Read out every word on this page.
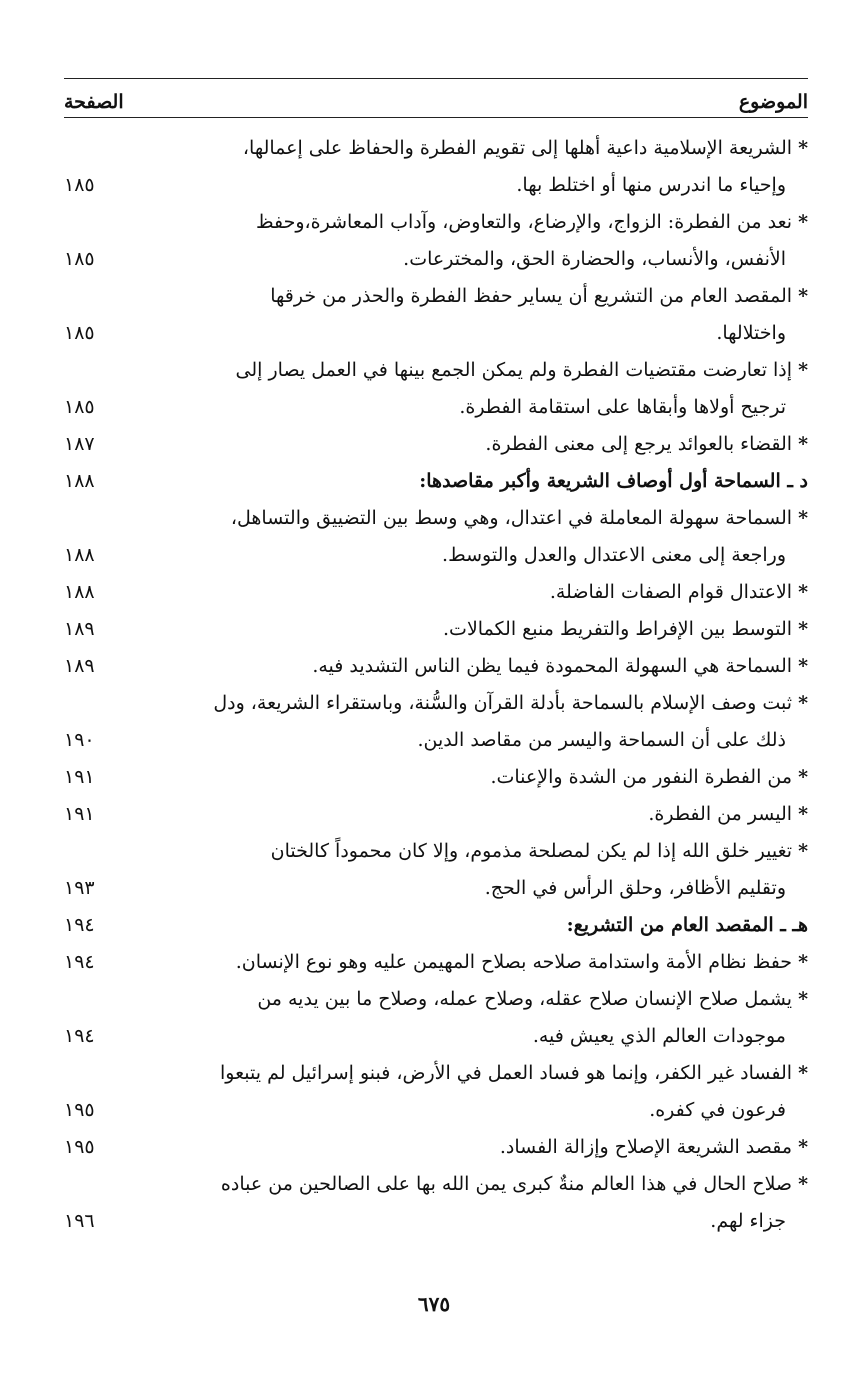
الموضوع
الصفحة
*الشريعة الإسلامية داعية أهلها إلى تقويم الفطرة والحفاظ على إعمالها،
وإحياء ما اندرس منها أو اختلط بها.
١٨٥
*نعد من الفطرة: الزواج، والإرضاع، والتعاوض، وآداب المعاشرة،وحفظ
الأنفس، والأنساب، والحضارة الحق، والمخترعات.
١٨٥
*المقصد العام من التشريع أن يساير حفظ الفطرة والحذر من خرقها
واختلالها.
١٨٥
*إذا تعارضت مقتضيات الفطرة ولم يمكن الجمع بينها في العمل يصار إلى
ترجيح أولاها وأبقاها على استقامة الفطرة.
١٨٥
*القضاء بالعوائد يرجع إلى معنى الفطرة.
١٨٧
د ـ السماحة أول أوصاف الشريعة وأكبر مقاصدها:
١٨٨
*السماحة سهولة المعاملة في اعتدال، وهي وسط بين التضييق والتساهل،
وراجعة إلى معنى الاعتدال والعدل والتوسط.
١٨٨
*الاعتدال قوام الصفات الفاضلة.
١٨٨
*التوسط بين الإفراط والتفريط منبع الكمالات.
١٨٩
*السماحة هي السهولة المحمودة فيما يظن الناس التشديد فيه.
١٨٩
*ثبت وصف الإسلام بالسماحة بأدلة القرآن والسُّنة، وباستقراء الشريعة، ودل
ذلك على أن السماحة واليسر من مقاصد الدين.
١٩٠
*من الفطرة النفور من الشدة والإعنات.
١٩١
*اليسر من الفطرة.
١٩١
*تغيير خلق الله إذا لم يكن لمصلحة مذموم، وإلا كان محموداً كالختان
وتقليم الأظافر، وحلق الرأس في الحج.
١٩٣
هـ ـ المقصد العام من التشريع:
١٩٤
*حفظ نظام الأمة واستدامة صلاحه بصلاح المهيمن عليه وهو نوع الإنسان.
١٩٤
*يشمل صلاح الإنسان صلاح عقله، وصلاح عمله، وصلاح ما بين يديه من
موجودات العالم الذي يعيش فيه.
١٩٤
*الفساد غير الكفر، وإنما هو فساد العمل في الأرض، فبنو إسرائيل لم يتبعوا
فرعون في كفره.
١٩٥
*مقصد الشريعة الإصلاح وإزالة الفساد.
١٩٥
*صلاح الحال في هذا العالم منةٌ كبرى يمن الله بها على الصالحين من عباده
جزاء لهم.
١٩٦
٦٧٥
